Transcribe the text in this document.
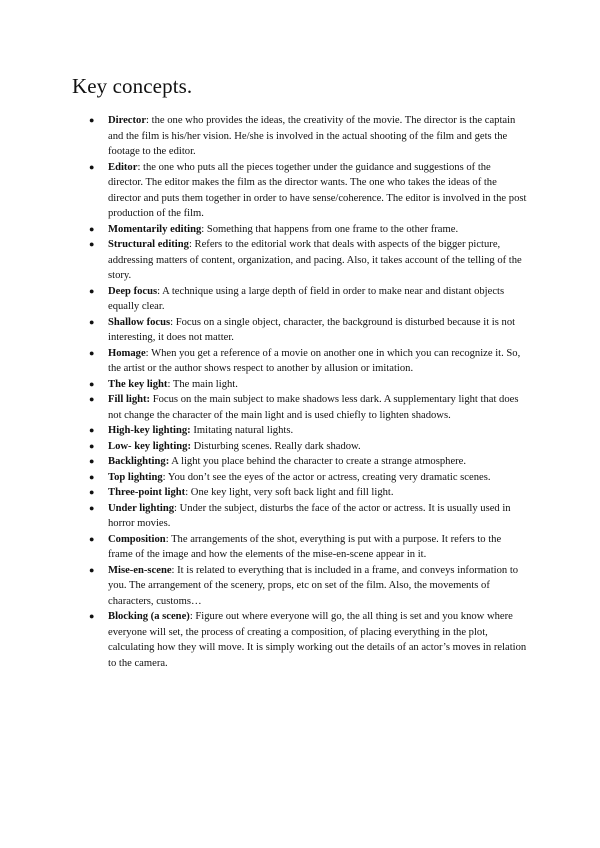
Key concepts.
● Director: the one who provides the ideas, the creativity of the movie. The director is the captain and the film is his/her vision. He/she is involved in the actual shooting of the film and gets the footage to the editor.
● Editor: the one who puts all the pieces together under the guidance and suggestions of the director. The editor makes the film as the director wants. The one who takes the ideas of the director and puts them together in order to have sense/coherence. The editor is involved in the post production of the film.
● Momentarily editing: Something that happens from one frame to the other frame.
● Structural editing: Refers to the editorial work that deals with aspects of the bigger picture, addressing matters of content, organization, and pacing. Also, it takes account of the telling of the story.
● Deep focus: A technique using a large depth of field in order to make near and distant objects equally clear.
● Shallow focus: Focus on a single object, character, the background is disturbed because it is not interesting, it does not matter.
● Homage: When you get a reference of a movie on another one in which you can recognize it. So, the artist or the author shows respect to another by allusion or imitation.
● The key light: The main light.
● Fill light: Focus on the main subject to make shadows less dark. A supplementary light that does not change the character of the main light and is used chiefly to lighten shadows.
● High-key lighting: Imitating natural lights.
● Low- key lighting: Disturbing scenes. Really dark shadow.
● Backlighting: A light you place behind the character to create a strange atmosphere.
● Top lighting: You don’t see the eyes of the actor or actress, creating very dramatic scenes.
● Three-point light: One key light, very soft back light and fill light.
● Under lighting: Under the subject, disturbs the face of the actor or actress. It is usually used in horror movies.
● Composition: The arrangements of the shot, everything is put with a purpose. It refers to the frame of the image and how the elements of the mise-en-scene appear in it.
● Mise-en-scene: It is related to everything that is included in a frame, and conveys information to you. The arrangement of the scenery, props, etc on set of the film. Also, the movements of characters, customs…
● Blocking (a scene): Figure out where everyone will go, the all thing is set and you know where everyone will set, the process of creating a composition, of placing everything in the plot, calculating how they will move. It is simply working out the details of an actor’s moves in relation to the camera.
